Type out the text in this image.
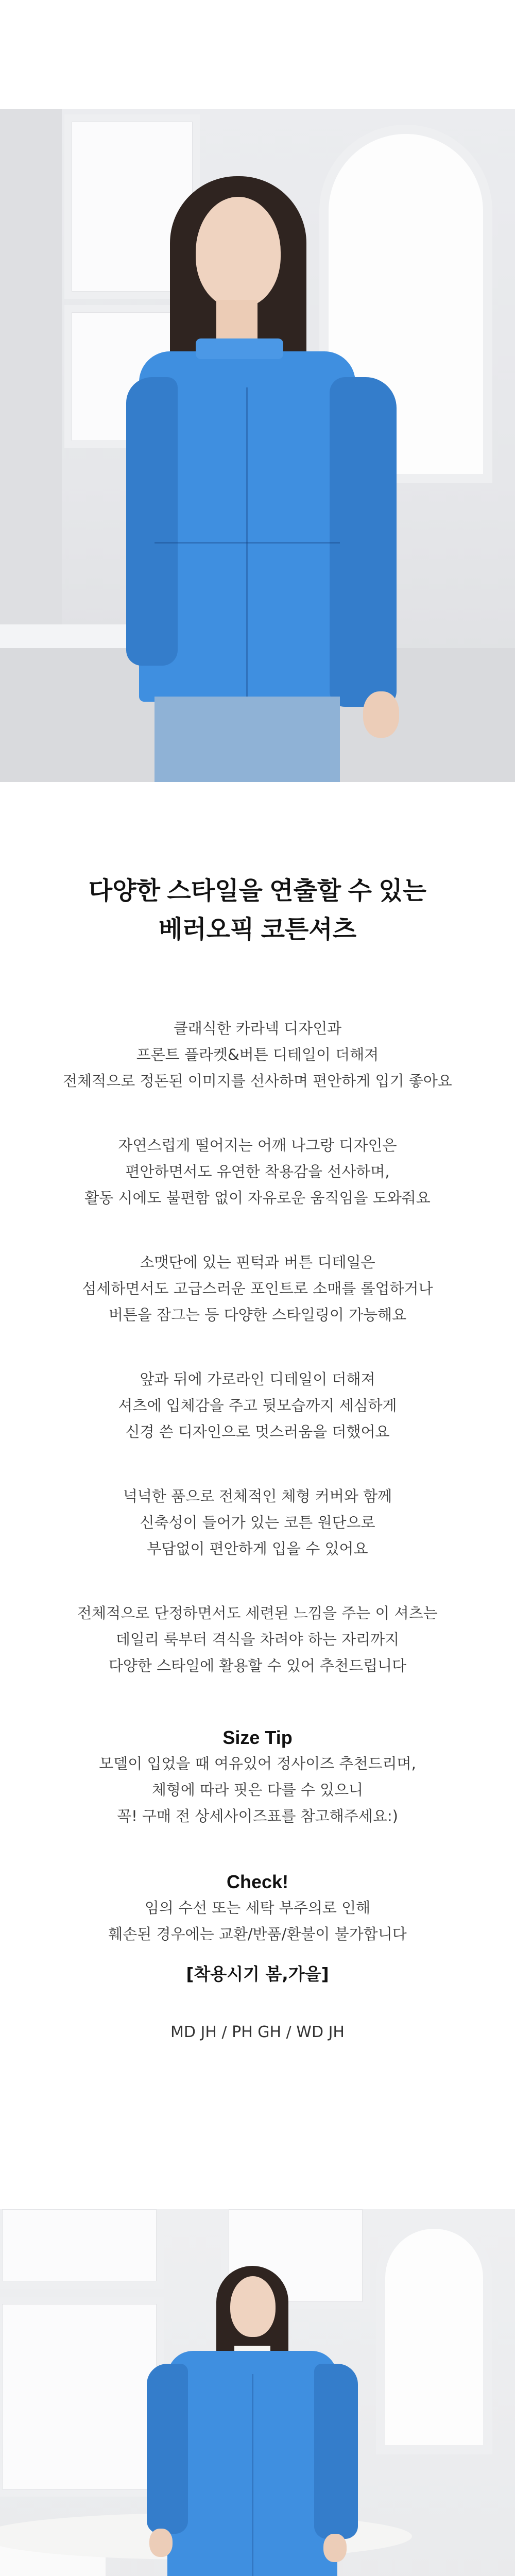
다양한 스타일을 연출할 수 있는
베러오픽 코튼셔츠
클래식한 카라넥 디자인과
프론트 플라켓&버튼 디테일이 더해져
전체적으로 정돈된 이미지를 선사하며 편안하게 입기 좋아요
자연스럽게 떨어지는 어깨 나그랑 디자인은
편안하면서도 유연한 착용감을 선사하며,
활동 시에도 불편함 없이 자유로운 움직임을 도와줘요
소맷단에 있는 핀턱과 버튼 디테일은
섬세하면서도 고급스러운 포인트로 소매를 롤업하거나
버튼을 잠그는 등 다양한 스타일링이 가능해요
앞과 뒤에 가로라인 디테일이 더해져
셔츠에 입체감을 주고 뒷모습까지 세심하게
신경 쓴 디자인으로 멋스러움을 더했어요
넉넉한 품으로 전체적인 체형 커버와 함께
신축성이 들어가 있는 코튼 원단으로
부담없이 편안하게 입을 수 있어요
전체적으로 단정하면서도 세련된 느낌을 주는 이 셔츠는
데일리 룩부터 격식을 차려야 하는 자리까지
다양한 스타일에 활용할 수 있어 추천드립니다
Size Tip
모델이 입었을 때 여유있어 정사이즈 추천드리며,
체형에 따라 핏은 다를 수 있으니
꼭! 구매 전 상세사이즈표를 참고해주세요:)
Check!
임의 수선 또는 세탁 부주의로 인해
훼손된 경우에는 교환/반품/환불이 불가합니다
[착용시기 봄,가을]
MD JH / PH GH / WD JH
